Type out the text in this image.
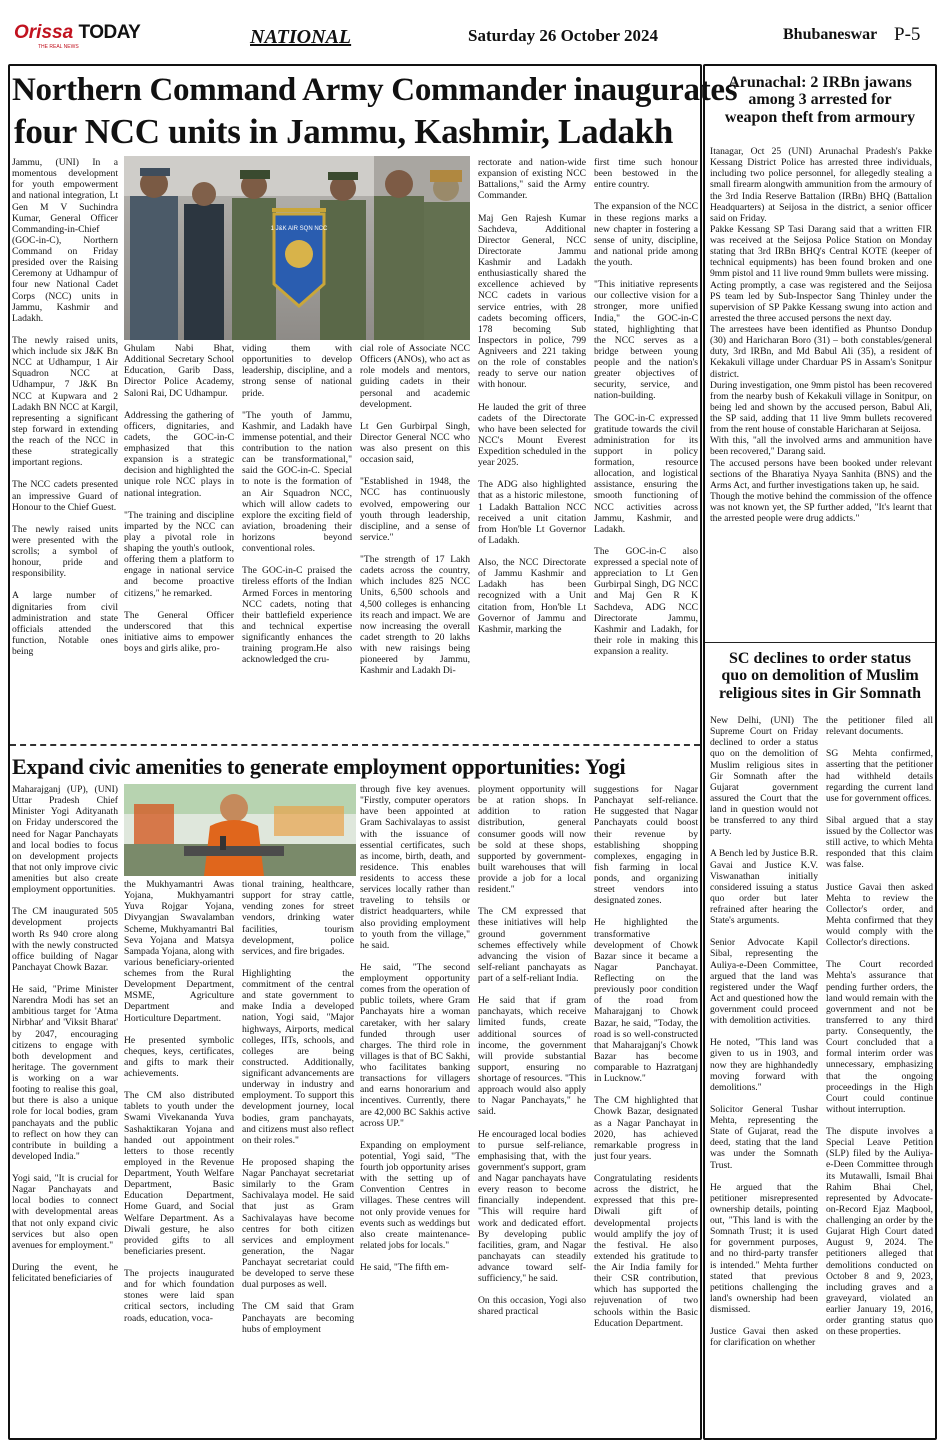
Orissa TODAY
THE REAL NEWS	NATIONAL	Saturday 26 October 2024	Bhubaneswar P-5
Northern Command Army Commander inaugurates
four NCC units in Jammu, Kashmir, Ladakh
1 J&K AIR SQN NCC

Jammu, (UNI) In a momentous development for youth empowerment and national integration, Lt Gen M V Suchindra Kumar, General Officer Commanding-in-Chief (GOC-in-C), Northern Command on Friday presided over the Raising Ceremony at Udhampur of four new National Cadet Corps (NCC) units in Jammu, Kashmir and Ladakh.

The newly raised units, which include six J&K Bn NCC at Udhampur, 1 Air Squadron NCC at Udhampur, 7 J&K Bn NCC at Kupwara and 2 Ladakh BN NCC at Kargil, representing a significant step forward in extending the reach of the NCC in these strategically important regions.

The NCC cadets presented an impressive Guard of Honour to the Chief Guest.

The newly raised units were presented with the scrolls; a symbol of honour, pride and responsibility.

A large number of dignitaries from civil administration and state officials attended the function, Notable ones being

Ghulam Nabi Bhat, Additional Secretary School Education, Garib Dass, Director Police Academy, Saloni Rai, DC Udhampur.

Addressing the gathering of officers, dignitaries, and cadets, the GOC-in-C emphasized that this expansion is a strategic decision and highlighted the unique role NCC plays in national integration.

"The training and discipline imparted by the NCC can play a pivotal role in shaping the youth's outlook, offering them a platform to engage in national service and become proactive citizens," he remarked.

The General Officer underscored that this initiative aims to empower boys and girls alike, pro-

viding them with opportunities to develop leadership, discipline, and a strong sense of national pride.

"The youth of Jammu, Kashmir, and Ladakh have immense potential, and their contribution to the nation can be transformational," said the GOC-in-C. Special to note is the formation of an Air Squadron NCC, which will allow cadets to explore the exciting field of aviation, broadening their horizons beyond conventional roles.

The GOC-in-C praised the tireless efforts of the Indian Armed Forces in mentoring NCC cadets, noting that their battlefield experience and technical expertise significantly enhances the training program.He also acknowledged the cru-

cial role of Associate NCC Officers (ANOs), who act as role models and mentors, guiding cadets in their personal and academic development.

Lt Gen Gurbirpal Singh, Director General NCC who was also present on this occasion said,

"Established in 1948, the NCC has continuously evolved, empowering our youth through leadership, discipline, and a sense of service."

"The strength of 17 Lakh cadets across the country, which includes 825 NCC Units, 6,500 schools and 4,500 colleges is enhancing its reach and impact. We are now increasing the overall cadet strength to 20 lakhs with new raisings being pioneered by Jammu, Kashmir and Ladakh Di-

rectorate and nation-wide expansion of existing NCC Battalions," said the Army Commander.

Maj Gen Rajesh Kumar Sachdeva, Additional Director General, NCC Directorate Jammu Kashmir and Ladakh enthusiastically shared the excellence achieved by NCC cadets in various service entries, with 28 cadets becoming officers, 178 becoming Sub Inspectors in police, 799 Agniveers and 221 taking on the role of constables ready to serve our nation with honour.

He lauded the grit of three cadets of the Directorate who have been selected for NCC's Mount Everest Expedition scheduled in the year 2025.

The ADG also highlighted that as a historic milestone, 1 Ladakh Battalion NCC received a unit citation from Hon'ble Lt Governor of Ladakh.

Also, the NCC Directorate of Jammu Kashmir and Ladakh has been recognized with a Unit citation from, Hon'ble Lt Governor of Jammu and Kashmir, marking the

first time such honour been bestowed in the entire country.

The expansion of the NCC in these regions marks a new chapter in fostering a sense of unity, discipline, and national pride among the youth.

"This initiative represents our collective vision for a stronger, more unified India," the GOC-in-C stated, highlighting that the NCC serves as a bridge between young people and the nation's greater objectives of security, service, and nation-building.

The GOC-in-C expressed gratitude towards the civil administration for its support in policy formation, resource allocation, and logistical assistance, ensuring the smooth functioning of NCC activities across Jammu, Kashmir, and Ladakh.

The GOC-in-C also expressed a special note of appreciation to Lt Gen Gurbirpal Singh, DG NCC and Maj Gen R K Sachdeva, ADG NCC Directorate Jammu, Kashmir and Ladakh, for their role in making this expansion a reality.

Arunachal: 2 IRBn jawans
among 3 arrested for
weapon theft from armoury

Itanagar, Oct 25 (UNI) Arunachal Pradesh's Pakke Kessang District Police has arrested three individuals, including two police personnel, for allegedly stealing a small firearm alongwith ammunition from the armoury of the 3rd India Reserve Battalion (IRBn) BHQ (Battalion Headquarters) at Seijosa in the district, a senior officer said on Friday.

Pakke Kessang SP Tasi Darang said that a written FIR was received at the Seijosa Police Station on Monday stating that 3rd IRBn BHQ's Central KOTE (keeper of technical equipments) has been found broken and one 9mm pistol and 11 live round 9mm bullets were missing.

Acting promptly, a case was registered and the Seijosa PS team led by Sub-Inspector Sang Thinley under the supervision of SP Pakke Kessang swung into action and arrested the three accused persons the next day.

The arrestees have been identified as Phuntso Dondup (30) and Haricharan Boro (31) – both constables/general duty, 3rd IRBn, and Md Babul Ali (35), a resident of Kekakuli village under Charduar PS in Assam's Sonitpur district.

During investigation, one 9mm pistol has been recovered from the nearby bush of Kekakuli village in Sonitpur, on being led and shown by the accused person, Babul Ali, the SP said, adding that 11 live 9mm bullets recovered from the rent house of constable Haricharan at Seijosa.

With this, "all the involved arms and ammunition have been recovered," Darang said.

The accused persons have been booked under relevant sections of the Bharatiya Nyaya Sanhita (BNS) and the Arms Act, and further investigations taken up, he said.

Though the motive behind the commission of the offence was not known yet, the SP further added, "It's learnt that the arrested people were drug addicts."

SC declines to order status
quo on demolition of Muslim
religious sites in Gir Somnath

New Delhi, (UNI) The Supreme Court on Friday declined to order a status quo on the demolition of Muslim religious sites in Gir Somnath after the Gujarat government assured the Court that the land in question would not be transferred to any third party.

A Bench led by Justice B.R. Gavai and Justice K.V. Viswanathan initially considered issuing a status quo order but later refrained after hearing the State's arguments.

Senior Advocate Kapil Sibal, representing the Auliya-e-Deen Committee, argued that the land was registered under the Waqf Act and questioned how the government could proceed with demolition activities.

He noted, "This land was given to us in 1903, and now they are highhandedly moving forward with demolitions."

Solicitor General Tushar Mehta, representing the State of Gujarat, read the deed, stating that the land was under the Somnath Trust.

He argued that the petitioner misrepresented ownership details, pointing out, "This land is with the Somnath Trust; it is used for government purposes, and no third-party transfer is intended." Mehta further stated that previous petitions challenging the land's ownership had been dismissed.

Justice Gavai then asked for clarification on whether

the petitioner filed all relevant documents.

SG Mehta confirmed, asserting that the petitioner had withheld details regarding the current land use for government offices.

Sibal argued that a stay issued by the Collector was still active, to which Mehta responded that this claim was false.

Justice Gavai then asked Mehta to review the Collector's order, and Mehta confirmed that they would comply with the Collector's directions.

The Court recorded Mehta's assurance that pending further orders, the land would remain with the government and not be transferred to any third party. Consequently, the Court concluded that a formal interim order was unnecessary, emphasizing that the ongoing proceedings in the High Court could continue without interruption.

The dispute involves a Special Leave Petition (SLP) filed by the Auliya-e-Deen Committee through its Mutawalli, Ismail Bhai Rahim Bhai Chel, represented by Advocate-on-Record Ejaz Maqbool, challenging an order by the Gujarat High Court dated August 9, 2024. The petitioners alleged that demolitions conducted on October 8 and 9, 2023, including graves and a graveyard, violated an earlier January 19, 2016, order granting status quo on these properties.

Expand civic amenities to generate employment opportunities: Yogi

Maharajganj (UP), (UNI) Uttar Pradesh Chief Minister Yogi Adityanath on Friday underscored the need for Nagar Panchayats and local bodies to focus on development projects that not only improve civic amenities but also create employment opportunities.

The CM inaugurated 505 development projects worth Rs 940 crore along with the newly constructed office building of Nagar Panchayat Chowk Bazar.

He said, "Prime Minister Narendra Modi has set an ambitious target for 'Atma Nirbhar' and 'Viksit Bharat' by 2047, encouraging citizens to engage with both development and heritage. The government is working on a war footing to realise this goal, but there is also a unique role for local bodies, gram panchayats and the public to reflect on how they can contribute in building a developed India."

Yogi said, "It is crucial for Nagar Panchayats and local bodies to connect with developmental areas that not only expand civic services but also open avenues for employment."

During the event, he felicitated beneficiaries of

the Mukhyamantri Awas Yojana, Mukhyamantri Yuva Rojgar Yojana, Divyangjan Swavalamban Scheme, Mukhyamantri Bal Seva Yojana and Matsya Sampada Yojana, along with various beneficiary-oriented schemes from the Rural Development Department, MSME, Agriculture Department and Horticulture Department.

He presented symbolic cheques, keys, certificates, and gifts to mark their achievements.

The CM also distributed tablets to youth under the Swami Vivekananda Yuva Sashaktikaran Yojana and handed out appointment letters to those recently employed in the Revenue Department, Youth Welfare Department, Basic Education Department, Home Guard, and Social Welfare Department. As a Diwali gesture, he also provided gifts to all beneficiaries present.

The projects inaugurated and for which foundation stones were laid span critical sectors, including roads, education, voca-

tional training, healthcare, support for stray cattle, vending zones for street vendors, drinking water facilities, tourism development, police services, and fire brigades.

Highlighting the commitment of the central and state government to make India a developed nation, Yogi said, "Major highways, Airports, medical colleges, IITs, schools, and colleges are being constructed. Additionally, significant advancements are underway in industry and employment. To support this development journey, local bodies, gram panchayats, and citizens must also reflect on their roles."

He proposed shaping the Nagar Panchayat secretariat similarly to the Gram Sachivalaya model. He said that just as Gram Sachivalayas have become centres for both citizen services and employment generation, the Nagar Panchayat secretariat could be developed to serve these dual purposes as well.

The CM said that Gram Panchayats are becoming hubs of employment

through five key avenues. "Firstly, computer operators have been appointed at Gram Sachivalayas to assist with the issuance of essential certificates, such as income, birth, death, and residence. This enables residents to access these services locally rather than traveling to tehsils or district headquarters, while also providing employment to youth from the village," he said.

He said, "The second employment opportunity comes from the operation of public toilets, where Gram Panchayats hire a woman caretaker, with her salary funded through user charges. The third role in villages is that of BC Sakhi, who facilitates banking transactions for villagers and earns honorarium and incentives. Currently, there are 42,000 BC Sakhis active across UP."

Expanding on employment potential, Yogi said, "The fourth job opportunity arises with the setting up of Convention Centres in villages. These centres will not only provide venues for events such as weddings but also create maintenance-related jobs for locals."

He said, "The fifth em-

ployment opportunity will be at ration shops. In addition to ration distribution, general consumer goods will now be sold at these shops, supported by government-built warehouses that will provide a job for a local resident."

The CM expressed that these initiatives will help ground government schemes effectively while advancing the vision of self-reliant panchayats as part of a self-reliant India.

He said that if gram panchayats, which receive limited funds, create additional sources of income, the government will provide substantial support, ensuring no shortage of resources. "This approach would also apply to Nagar Panchayats," he said.

He encouraged local bodies to pursue self-reliance, emphasising that, with the government's support, gram and Nagar panchayats have every reason to become financially independent. "This will require hard work and dedicated effort. By developing public facilities, gram, and Nagar panchayats can steadily advance toward self-sufficiency," he said.

On this occasion, Yogi also shared practical

suggestions for Nagar Panchayat self-reliance. He suggested that Nagar Panchayats could boost their revenue by establishing shopping complexes, engaging in fish farming in local ponds, and organizing street vendors into designated zones.

He highlighted the transformative development of Chowk Bazar since it became a Nagar Panchayat. Reflecting on the previously poor condition of the road from Maharajganj to Chowk Bazar, he said, "Today, the road is so well-constructed that Maharajganj's Chowk Bazar has become comparable to Hazratganj in Lucknow."

The CM highlighted that Chowk Bazar, designated as a Nagar Panchayat in 2020, has achieved remarkable progress in just four years.

Congratulating residents across the district, he expressed that this pre-Diwali gift of developmental projects would amplify the joy of the festival. He also extended his gratitude to the Air India family for their CSR contribution, which has supported the rejuvenation of two schools within the Basic Education Department.
